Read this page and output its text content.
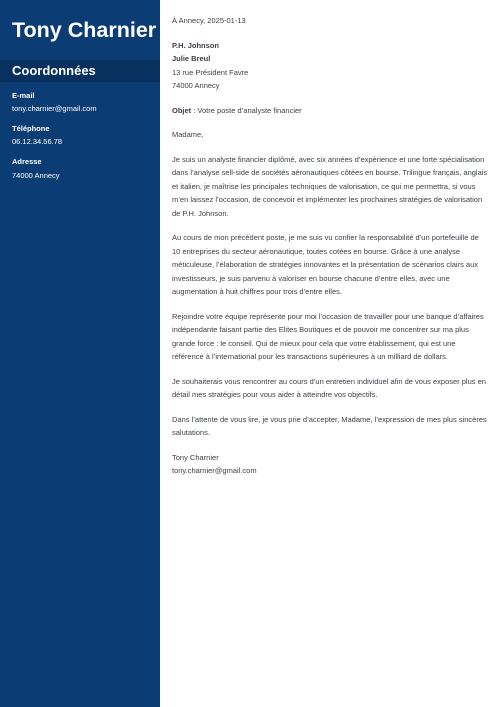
Tony Charnier
Coordonnées
E-mail
tony.charnier@gmail.com
Téléphone
06.12.34.56.78
Adresse
74000 Annecy

À Annecy, 2025-01-13

P.H. Johnson

Julie Breul

13 rue Président Favre

74000 Annecy

Objet : Votre poste d’analyste financier

Madame,

Je suis un analyste financier diplômé, avec six années d’expérience et une forte spécialisation dans l’analyse sell-side de sociétés aéronautiques côtées en bourse. Trilingue français, anglais et italien, je maîtrise les principales techniques de valorisation, ce qui me permettra, si vous m’en laissez l’occasion, de concevoir et implémenter les prochaines stratégies de valorisation de P.H. Johnson.

Au cours de mon précédent poste, je me suis vu confier la responsabilité d’un portefeuille de 10 entreprises du secteur aéronautique, toutes cotées en bourse. Grâce à une analyse méticuleuse, l’élaboration de stratégies innovantes et la présentation de scénarios clairs aux investisseurs, je suis parvenu à valoriser en bourse chacune d’entre elles, avec une augmentation à huit chiffres pour trois d’entre elles.

Rejoindre votre équipe représente pour moi l’occasion de travailler pour une banque d’affaires indépendante faisant partie des Elites Boutiques et de pouvoir me concentrer sur ma plus grande force : le conseil. Qui de mieux pour cela que votre établissement, qui est une référence à l’international pour les transactions supérieures à un milliard de dollars.

Je souhaiterais vous rencontrer au cours d’un entretien individuel afin de vous exposer plus en détail mes stratégies pour vous aider à atteindre vos objectifs.

Dans l’attente de vous lire, je vous prie d’accepter, Madame, l’expression de mes plus sincères salutations.

Tony Charnier

tony.charnier@gmail.com
